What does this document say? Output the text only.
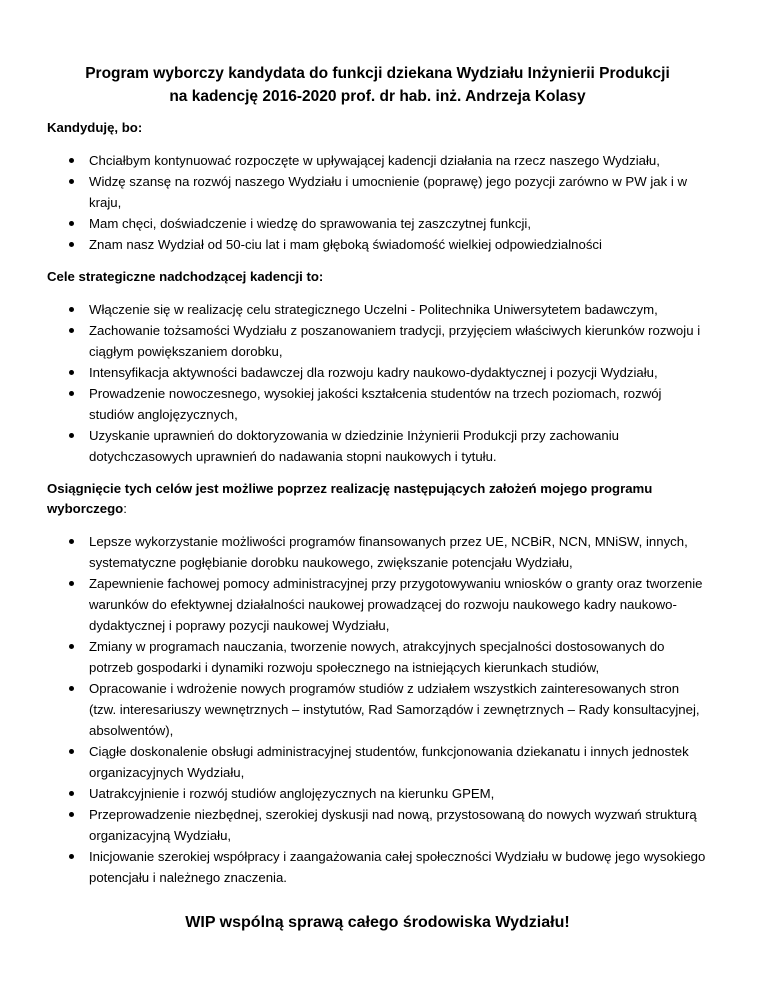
Program wyborczy kandydata do funkcji dziekana Wydziału Inżynierii Produkcji
na kadencję 2016-2020 prof. dr hab. inż. Andrzeja Kolasy
Kandyduję, bo:
Chciałbym kontynuować rozpoczęte w upływającej kadencji działania na rzecz naszego Wydziału,
Widzę szansę na rozwój naszego Wydziału i umocnienie (poprawę) jego pozycji zarówno w PW jak i w kraju,
Mam chęci, doświadczenie i wiedzę do sprawowania tej zaszczytnej funkcji,
Znam nasz Wydział od 50-ciu lat i mam głęboką świadomość wielkiej odpowiedzialności
Cele strategiczne nadchodzącej kadencji to:
Włączenie się w realizację celu strategicznego Uczelni - Politechnika Uniwersytetem badawczym,
Zachowanie tożsamości Wydziału z poszanowaniem tradycji, przyjęciem właściwych kierunków rozwoju i ciągłym powiększaniem dorobku,
Intensyfikacja aktywności badawczej dla rozwoju kadry naukowo-dydaktycznej i pozycji Wydziału,
Prowadzenie nowoczesnego, wysokiej jakości kształcenia studentów na trzech poziomach, rozwój studiów anglojęzycznych,
Uzyskanie uprawnień do doktoryzowania w dziedzinie Inżynierii Produkcji przy zachowaniu dotychczasowych uprawnień do nadawania stopni naukowych i tytułu.
Osiągnięcie tych celów jest możliwe poprzez realizację następujących założeń mojego programu wyborczego:
Lepsze wykorzystanie możliwości programów finansowanych przez UE, NCBiR, NCN, MNiSW, innych, systematyczne pogłębianie dorobku naukowego, zwiększanie potencjału Wydziału,
Zapewnienie fachowej pomocy administracyjnej przy przygotowywaniu wniosków o granty oraz tworzenie warunków do efektywnej działalności naukowej prowadzącej do rozwoju naukowego kadry naukowo-dydaktycznej i poprawy pozycji naukowej Wydziału,
Zmiany w programach nauczania, tworzenie nowych, atrakcyjnych specjalności dostosowanych do potrzeb gospodarki i dynamiki rozwoju społecznego na istniejących kierunkach studiów,
Opracowanie i wdrożenie nowych programów studiów z udziałem wszystkich zainteresowanych stron (tzw. interesariuszy wewnętrznych – instytutów, Rad Samorządów i zewnętrznych – Rady konsultacyjnej, absolwentów),
Ciągłe doskonalenie obsługi administracyjnej studentów, funkcjonowania dziekanatu i innych jednostek organizacyjnych Wydziału,
Uatrakcyjnienie i rozwój studiów anglojęzycznych na kierunku GPEM,
Przeprowadzenie niezbędnej, szerokiej dyskusji nad nową, przystosowaną do nowych wyzwań strukturą organizacyjną Wydziału,
Inicjowanie szerokiej współpracy i zaangażowania całej społeczności Wydziału w budowę jego wysokiego potencjału i należnego znaczenia.
WIP wspólną sprawą całego środowiska Wydziału!
